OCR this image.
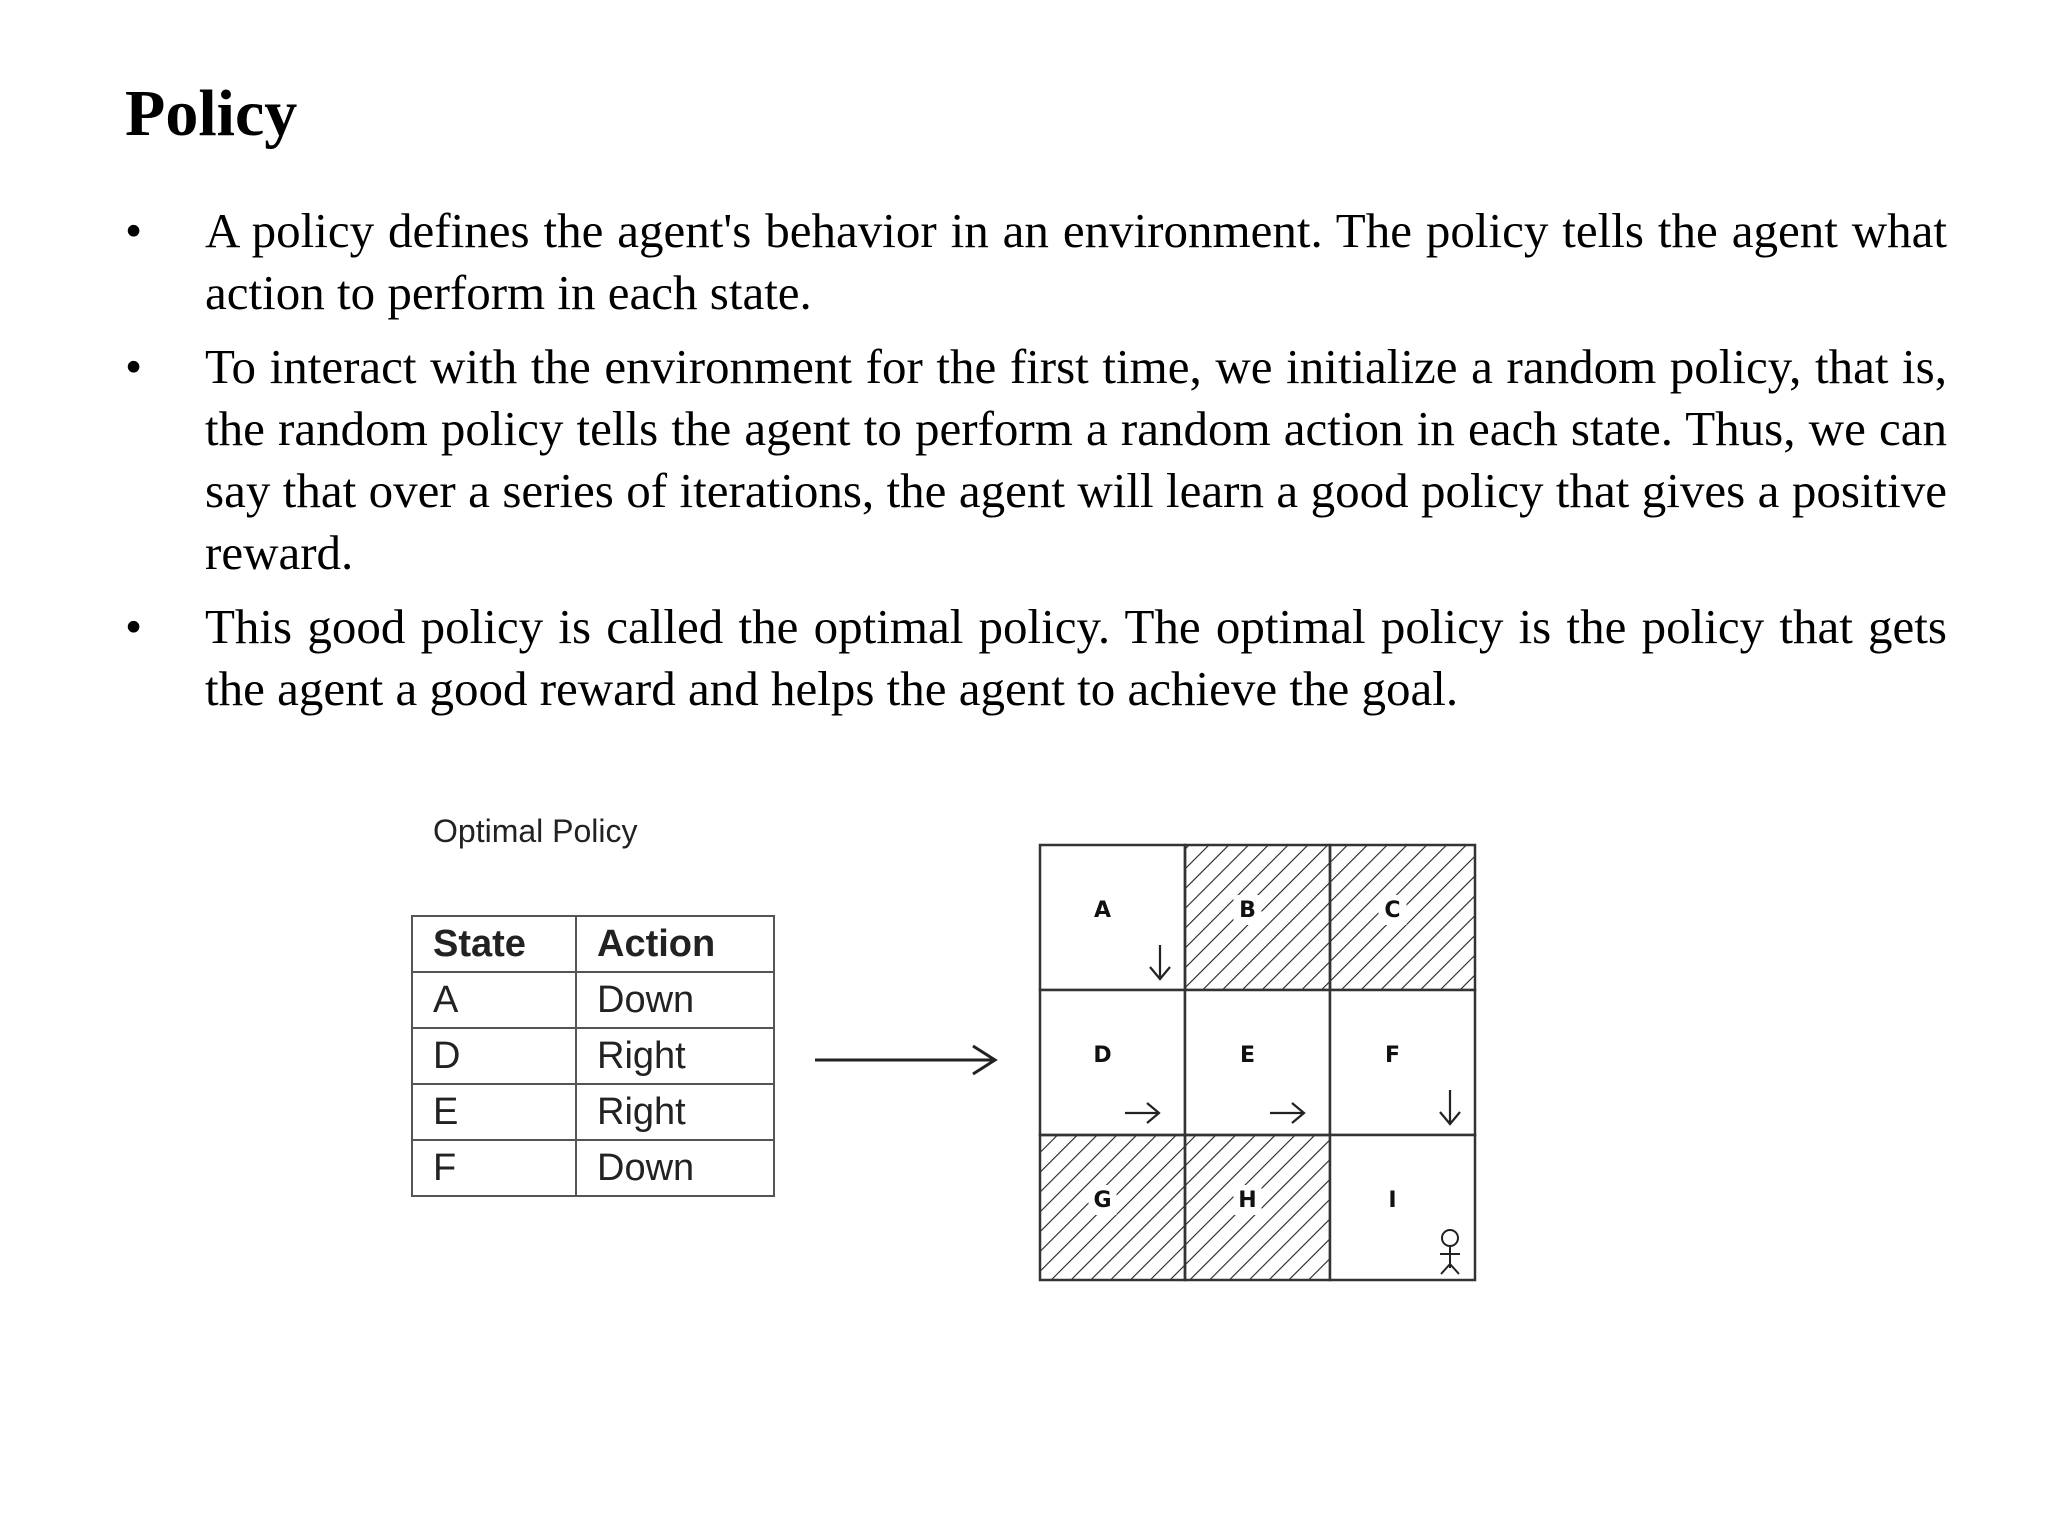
Policy
• A policy defines the agent's behavior in an environment. The policy tells the agent what action to perform in each state.
• To interact with the environment for the first time, we initialize a random policy, that is, the random policy tells the agent to perform a random action in each state. Thus, we can say that over a series of iterations, the agent will learn a good policy that gives a positive reward.
• This good policy is called the optimal policy. The optimal policy is the policy that gets the agent a good reward and helps the agent to achieve the goal.
Optimal Policy
State	Action
A	Down
D	Right
E	Right
F	Down
A	B	C
D	E	F
G	H	I
